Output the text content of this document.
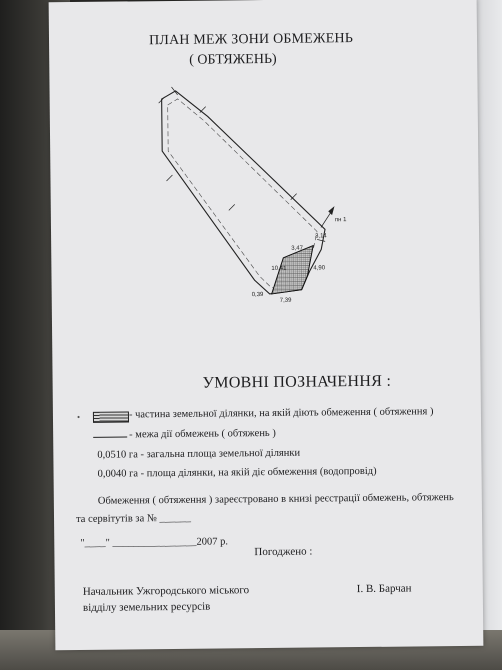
ПЛАН МЕЖ ЗОНИ ОБМЕЖЕНЬ
( ОБТЯЖЕНЬ)
пн 1
3,14
3,47
10,41	4,90
0,39
7,39
УМОВНІ ПОЗНАЧЕННЯ :
•	- частина земельної ділянки, на якій діють обмеження ( обтяження )
- межа дії обмежень ( обтяжень )
0,0510 га - загальна площа земельної ділянки
0,0040 га - площа ділянки, на якій діє обмеження (водопровід)
Обмеження ( обтяження ) зареєстровано в книзі реєстрації обмежень, обтяжень
та сервітутів за № ______
"____" ________________2007 р.
Погоджено :
Начальник Ужгородського міського
відділу земельних ресурсів
І. В. Барчан
